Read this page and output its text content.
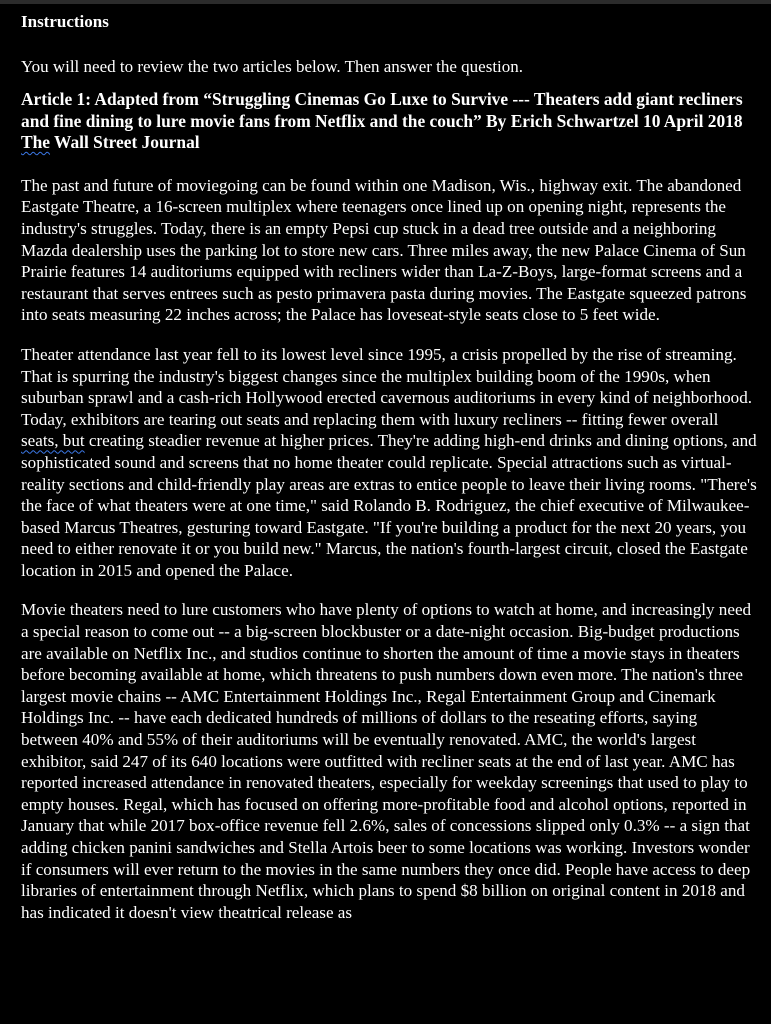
Instructions
You will need to review the two articles below. Then answer the question.
Article 1: Adapted from “Struggling Cinemas Go Luxe to Survive --- Theaters add giant recliners and fine dining to lure movie fans from Netflix and the couch” By Erich Schwartzel 10 April 2018 The Wall Street Journal
The past and future of moviegoing can be found within one Madison, Wis., highway exit. The abandoned Eastgate Theatre, a 16-screen multiplex where teenagers once lined up on opening night, represents the industry's struggles. Today, there is an empty Pepsi cup stuck in a dead tree outside and a neighboring Mazda dealership uses the parking lot to store new cars. Three miles away, the new Palace Cinema of Sun Prairie features 14 auditoriums equipped with recliners wider than La-Z-Boys, large-format screens and a restaurant that serves entrees such as pesto primavera pasta during movies. The Eastgate squeezed patrons into seats measuring 22 inches across; the Palace has loveseat-style seats close to 5 feet wide.
Theater attendance last year fell to its lowest level since 1995, a crisis propelled by the rise of streaming. That is spurring the industry's biggest changes since the multiplex building boom of the 1990s, when suburban sprawl and a cash-rich Hollywood erected cavernous auditoriums in every kind of neighborhood. Today, exhibitors are tearing out seats and replacing them with luxury recliners -- fitting fewer overall seats, but creating steadier revenue at higher prices. They're adding high-end drinks and dining options, and sophisticated sound and screens that no home theater could replicate. Special attractions such as virtual-reality sections and child-friendly play areas are extras to entice people to leave their living rooms. "There's the face of what theaters were at one time," said Rolando B. Rodriguez, the chief executive of Milwaukee-based Marcus Theatres, gesturing toward Eastgate. "If you're building a product for the next 20 years, you need to either renovate it or you build new." Marcus, the nation's fourth-largest circuit, closed the Eastgate location in 2015 and opened the Palace.
Movie theaters need to lure customers who have plenty of options to watch at home, and increasingly need a special reason to come out -- a big-screen blockbuster or a date-night occasion. Big-budget productions are available on Netflix Inc., and studios continue to shorten the amount of time a movie stays in theaters before becoming available at home, which threatens to push numbers down even more. The nation's three largest movie chains -- AMC Entertainment Holdings Inc., Regal Entertainment Group and Cinemark Holdings Inc. -- have each dedicated hundreds of millions of dollars to the reseating efforts, saying between 40% and 55% of their auditoriums will be eventually renovated. AMC, the world's largest exhibitor, said 247 of its 640 locations were outfitted with recliner seats at the end of last year. AMC has reported increased attendance in renovated theaters, especially for weekday screenings that used to play to empty houses. Regal, which has focused on offering more-profitable food and alcohol options, reported in January that while 2017 box-office revenue fell 2.6%, sales of concessions slipped only 0.3% -- a sign that adding chicken panini sandwiches and Stella Artois beer to some locations was working. Investors wonder if consumers will ever return to the movies in the same numbers they once did. People have access to deep libraries of entertainment through Netflix, which plans to spend $8 billion on original content in 2018 and has indicated it doesn't view theatrical release as
